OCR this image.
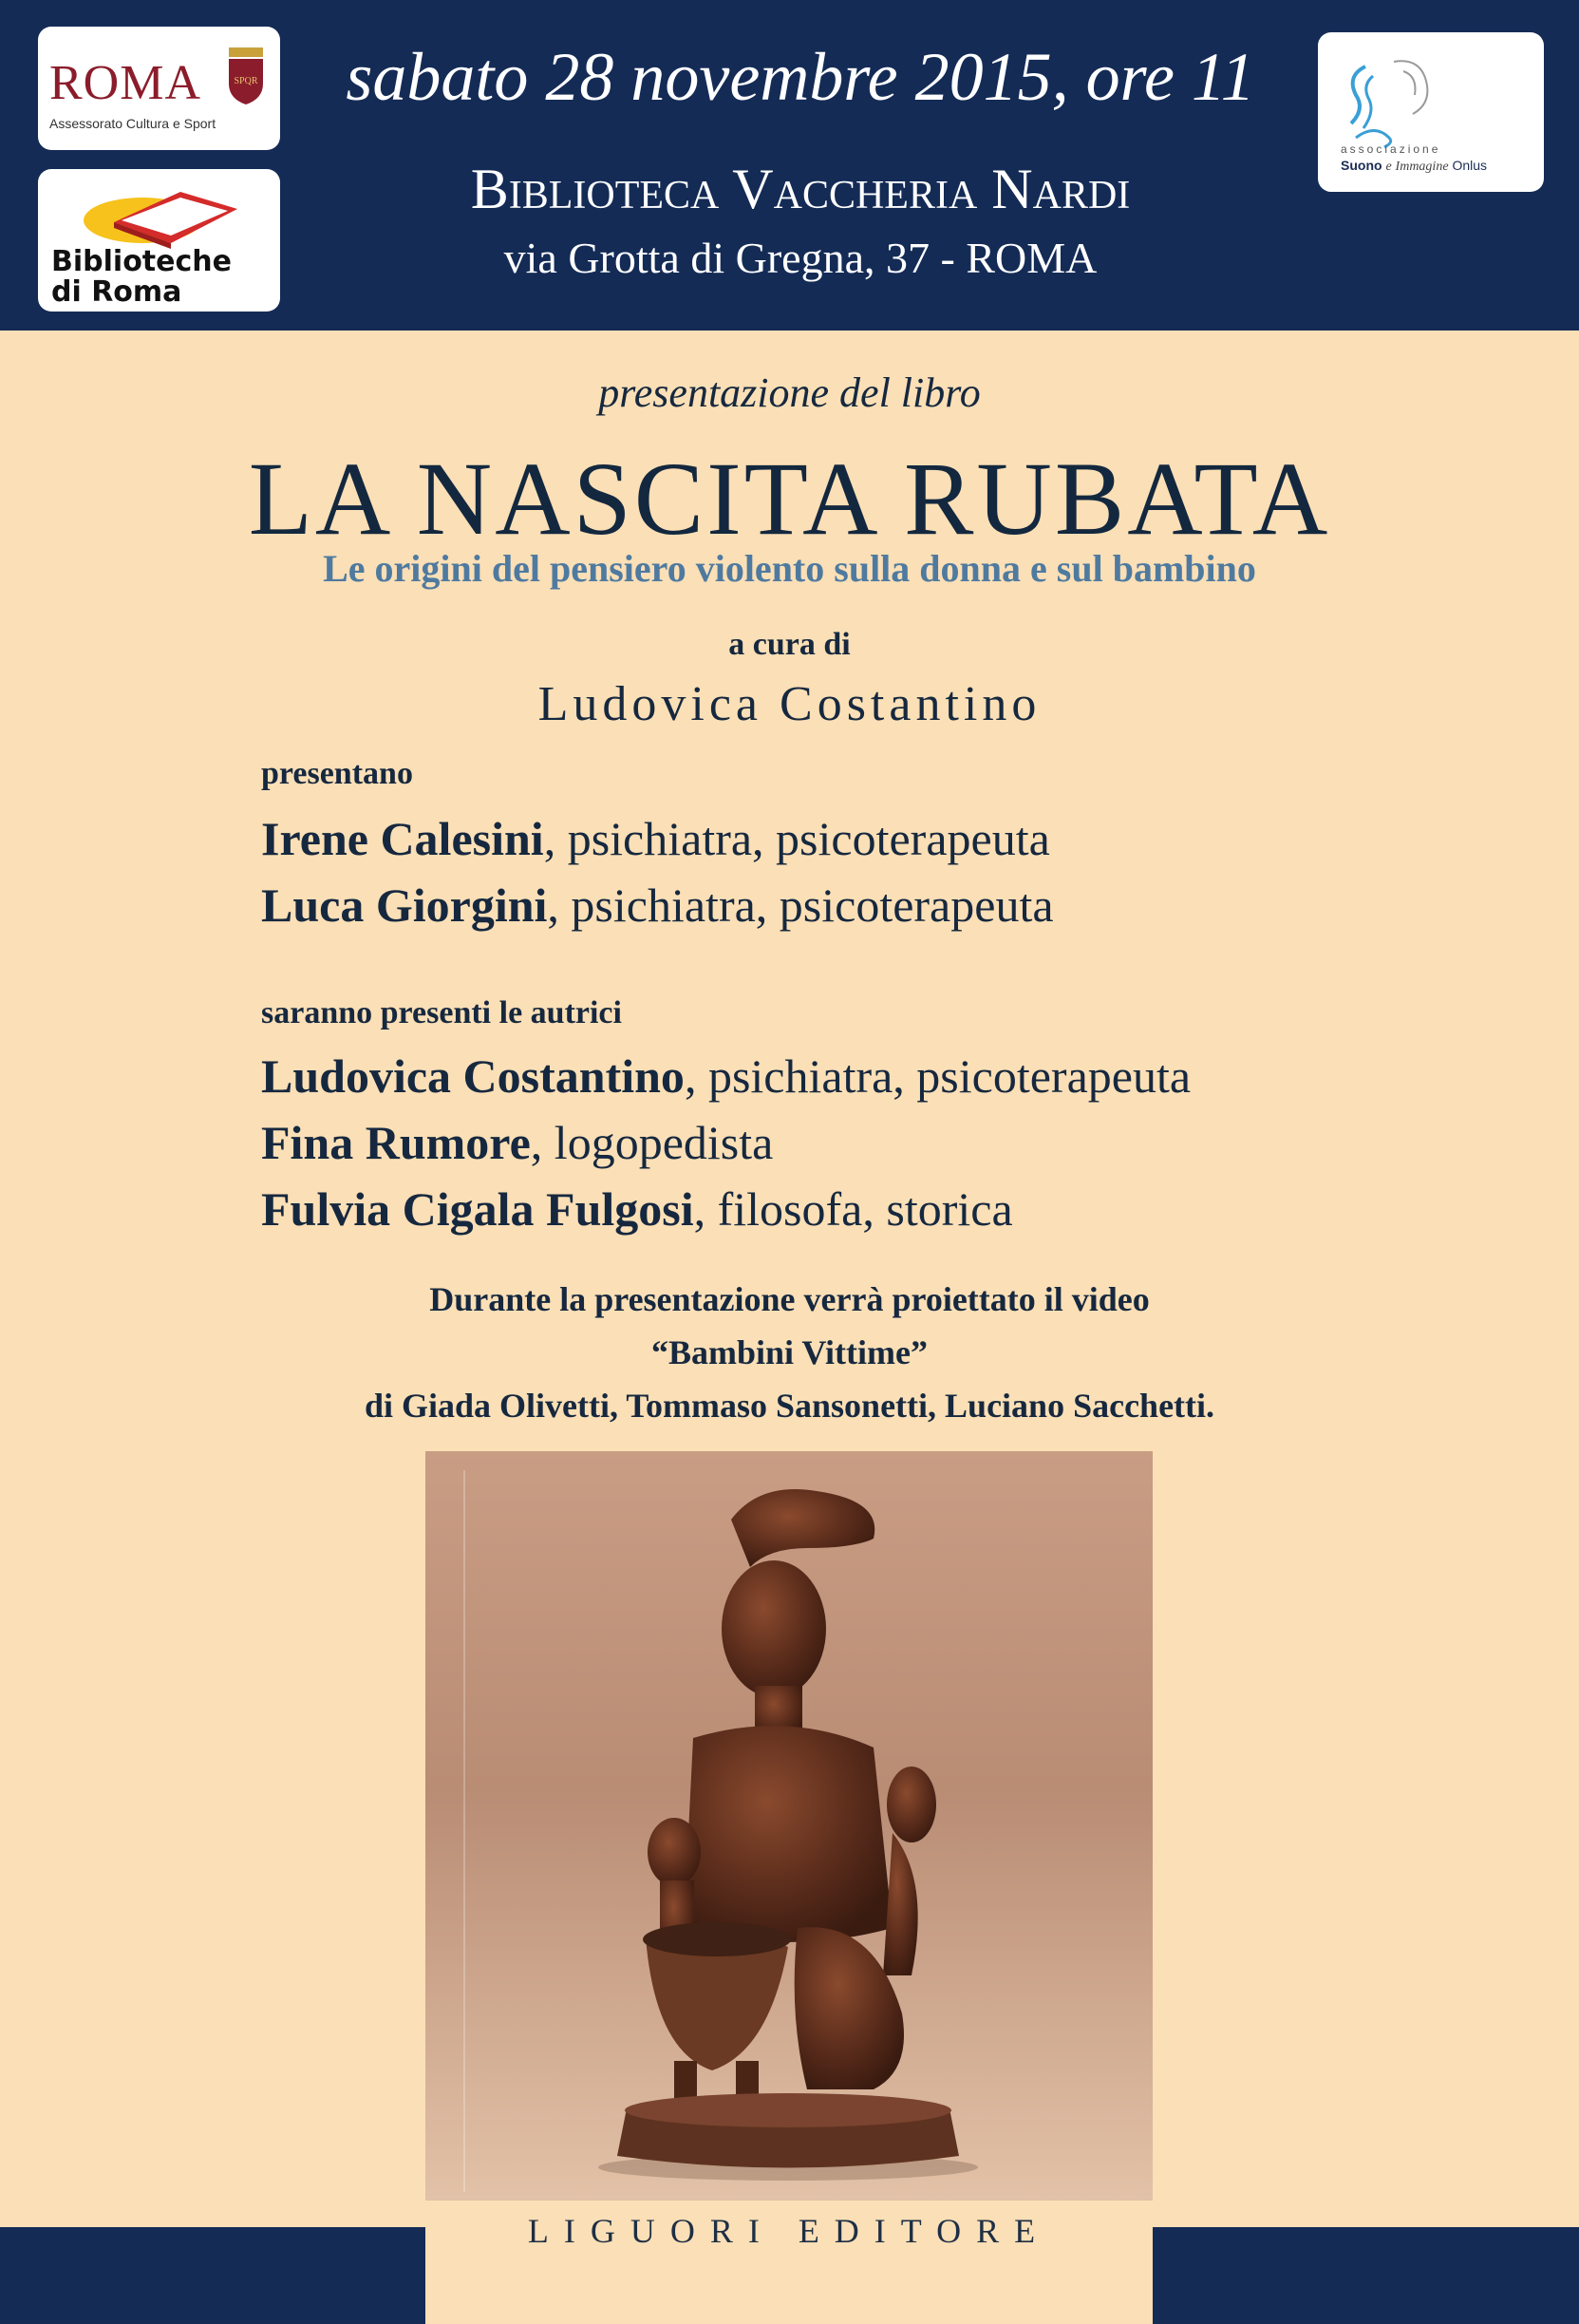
ROMA	SPQR
Assessorato Cultura e Sport
Biblioteche
di Roma
sabato 28 novembre 2015, ore 11
Biblioteca Vaccheria Nardi
via Grotta di Gregna, 37 - ROMA
associazione
Suono e Immagine Onlus
presentazione del libro
LA NASCITA RUBATA
Le origini del pensiero violento sulla donna e sul bambino
a cura di
Ludovica Costantino
presentano
Irene Calesini, psichiatra, psicoterapeuta
Luca Giorgini, psichiatra, psicoterapeuta
saranno presenti le autrici
Ludovica Costantino, psichiatra, psicoterapeuta
Fina Rumore, logopedista
Fulvia Cigala Fulgosi, filosofa, storica
Durante la presentazione verrà proiettato il video
“Bambini Vittime”
di Giada Olivetti, Tommaso Sansonetti, Luciano Sacchetti.
LIGUORI EDITORE
